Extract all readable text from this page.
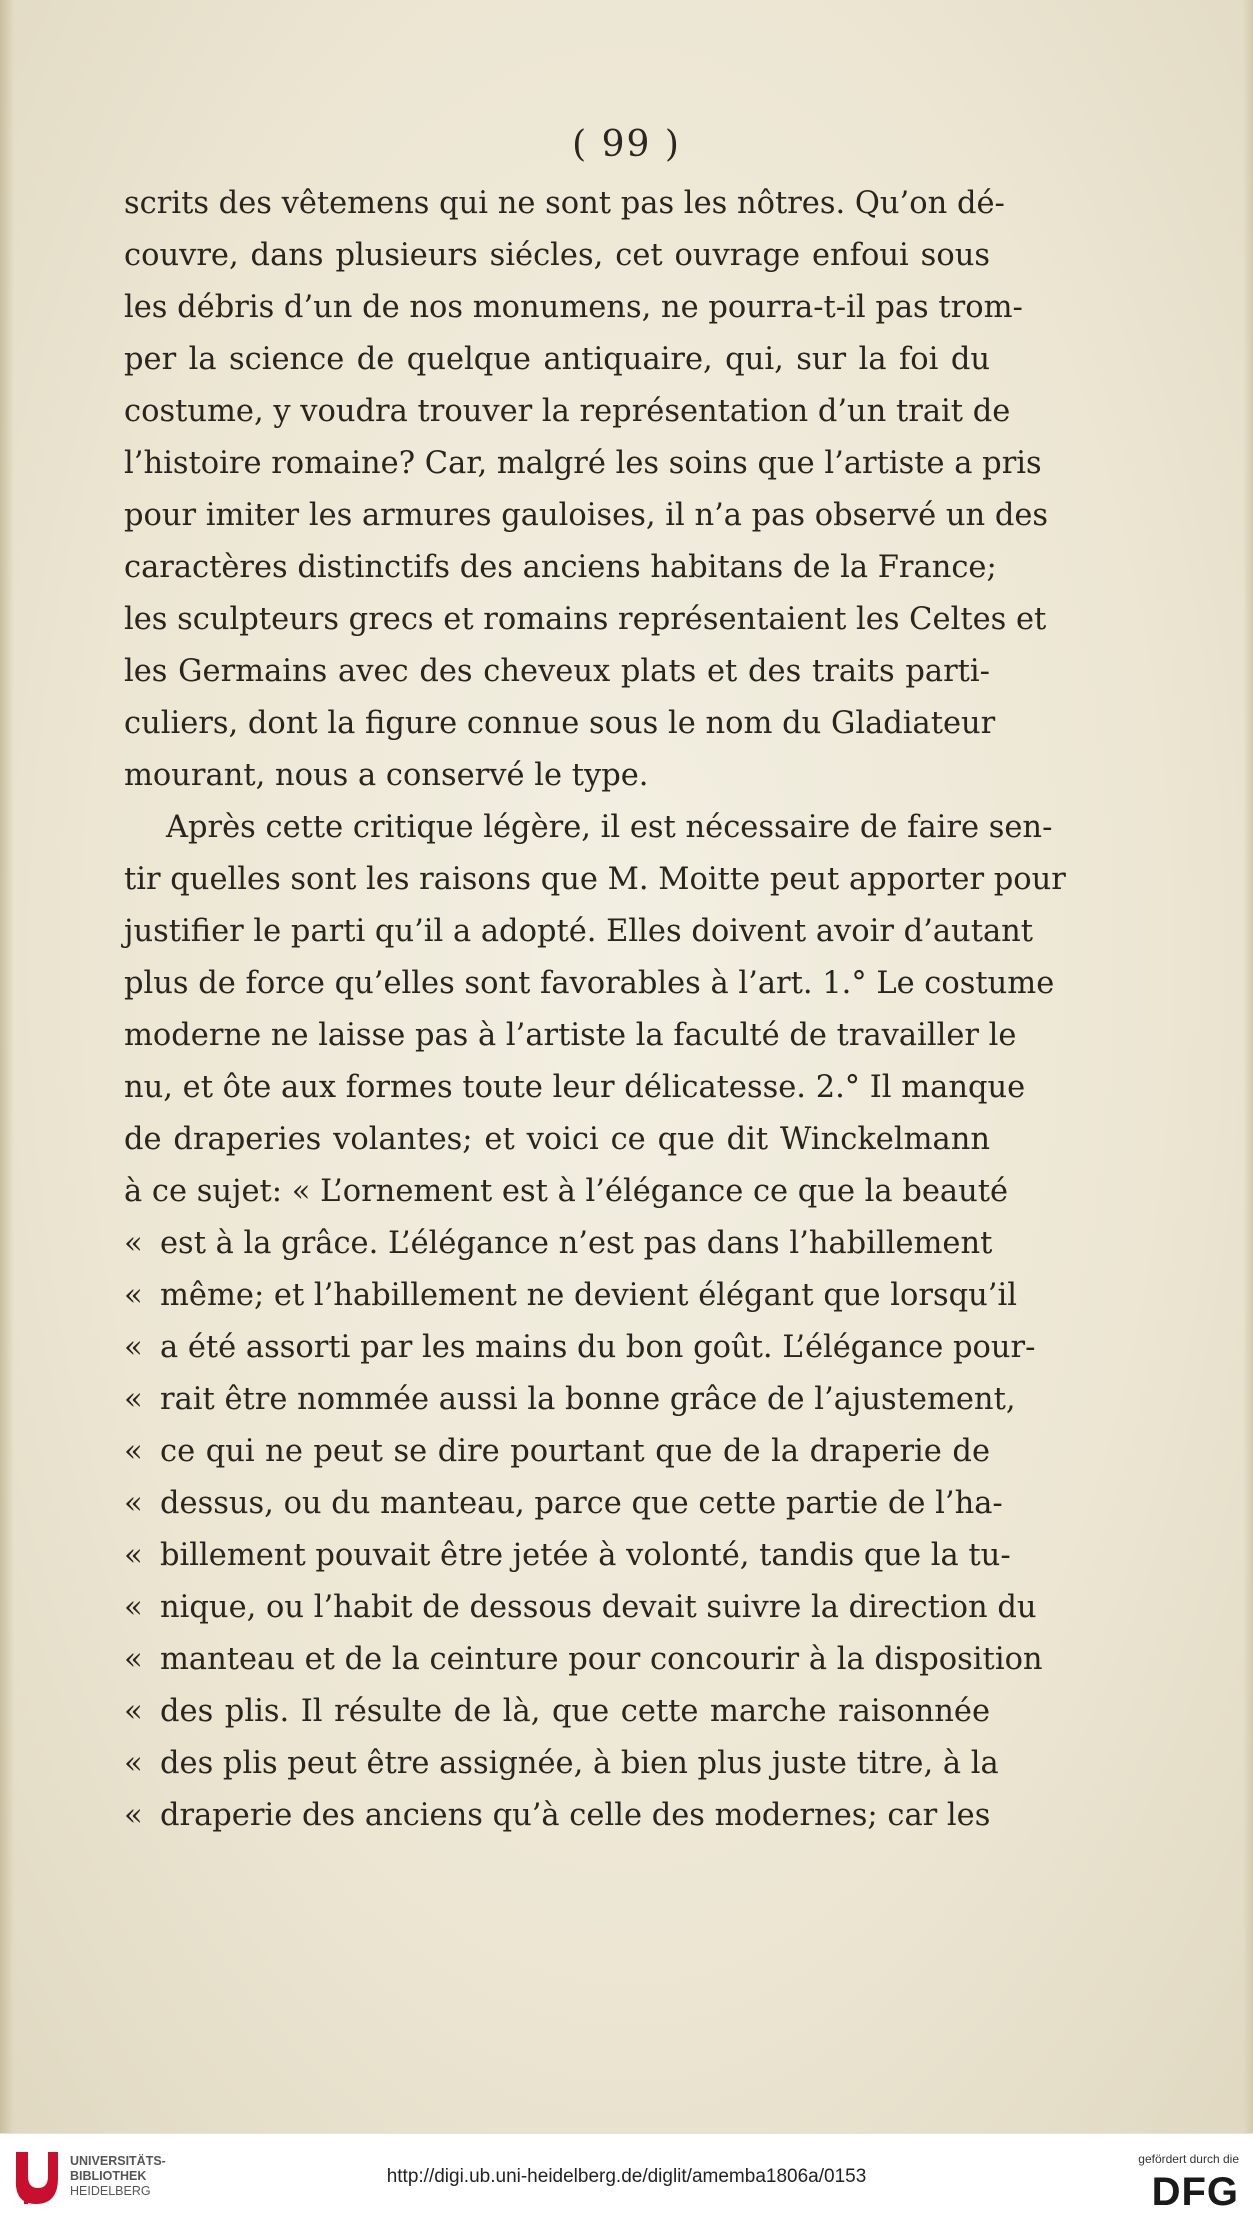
( 99 )
scrits des vêtemens qui ne sont pas les nôtres. Qu’on dé-
couvre, dans plusieurs siécles, cet ouvrage enfoui sous
les débris d’un de nos monumens, ne pourra-t-il pas trom-
per la science de quelque antiquaire, qui, sur la foi du
costume, y voudra trouver la représentation d’un trait de
l’histoire romaine? Car, malgré les soins que l’artiste a pris
pour imiter les armures gauloises, il n’a pas observé un des
caractères distinctifs des anciens habitans de la France;
les sculpteurs grecs et romains représentaient les Celtes et
les Germains avec des cheveux plats et des traits parti-
culiers, dont la figure connue sous le nom du Gladiateur
mourant, nous a conservé le type.
Après cette critique légère, il est nécessaire de faire sen-
tir quelles sont les raisons que M. Moitte peut apporter pour
justifier le parti qu’il a adopté. Elles doivent avoir d’autant
plus de force qu’elles sont favorables à l’art. 1.° Le costume
moderne ne laisse pas à l’artiste la faculté de travailler le
nu, et ôte aux formes toute leur délicatesse. 2.° Il manque
de draperies volantes; et voici ce que dit Winckelmann
à ce sujet: « L’ornement est à l’élégance ce que la beauté
« est à la grâce. L’élégance n’est pas dans l’habillement
« même; et l’habillement ne devient élégant que lorsqu’il
« a été assorti par les mains du bon goût. L’élégance pour-
« rait être nommée aussi la bonne grâce de l’ajustement,
« ce qui ne peut se dire pourtant que de la draperie de
« dessus, ou du manteau, parce que cette partie de l’ha-
« billement pouvait être jetée à volonté, tandis que la tu-
« nique, ou l’habit de dessous devait suivre la direction du
« manteau et de la ceinture pour concourir à la disposition
« des plis. Il résulte de là, que cette marche raisonnée
« des plis peut être assignée, à bien plus juste titre, à la
« draperie des anciens qu’à celle des modernes; car les
UNIVERSITÄTS-
BIBLIOTHEK
HEIDELBERG
http://digi.ub.uni-heidelberg.de/diglit/amemba1806a/0153
gefördert durch die
DFG
